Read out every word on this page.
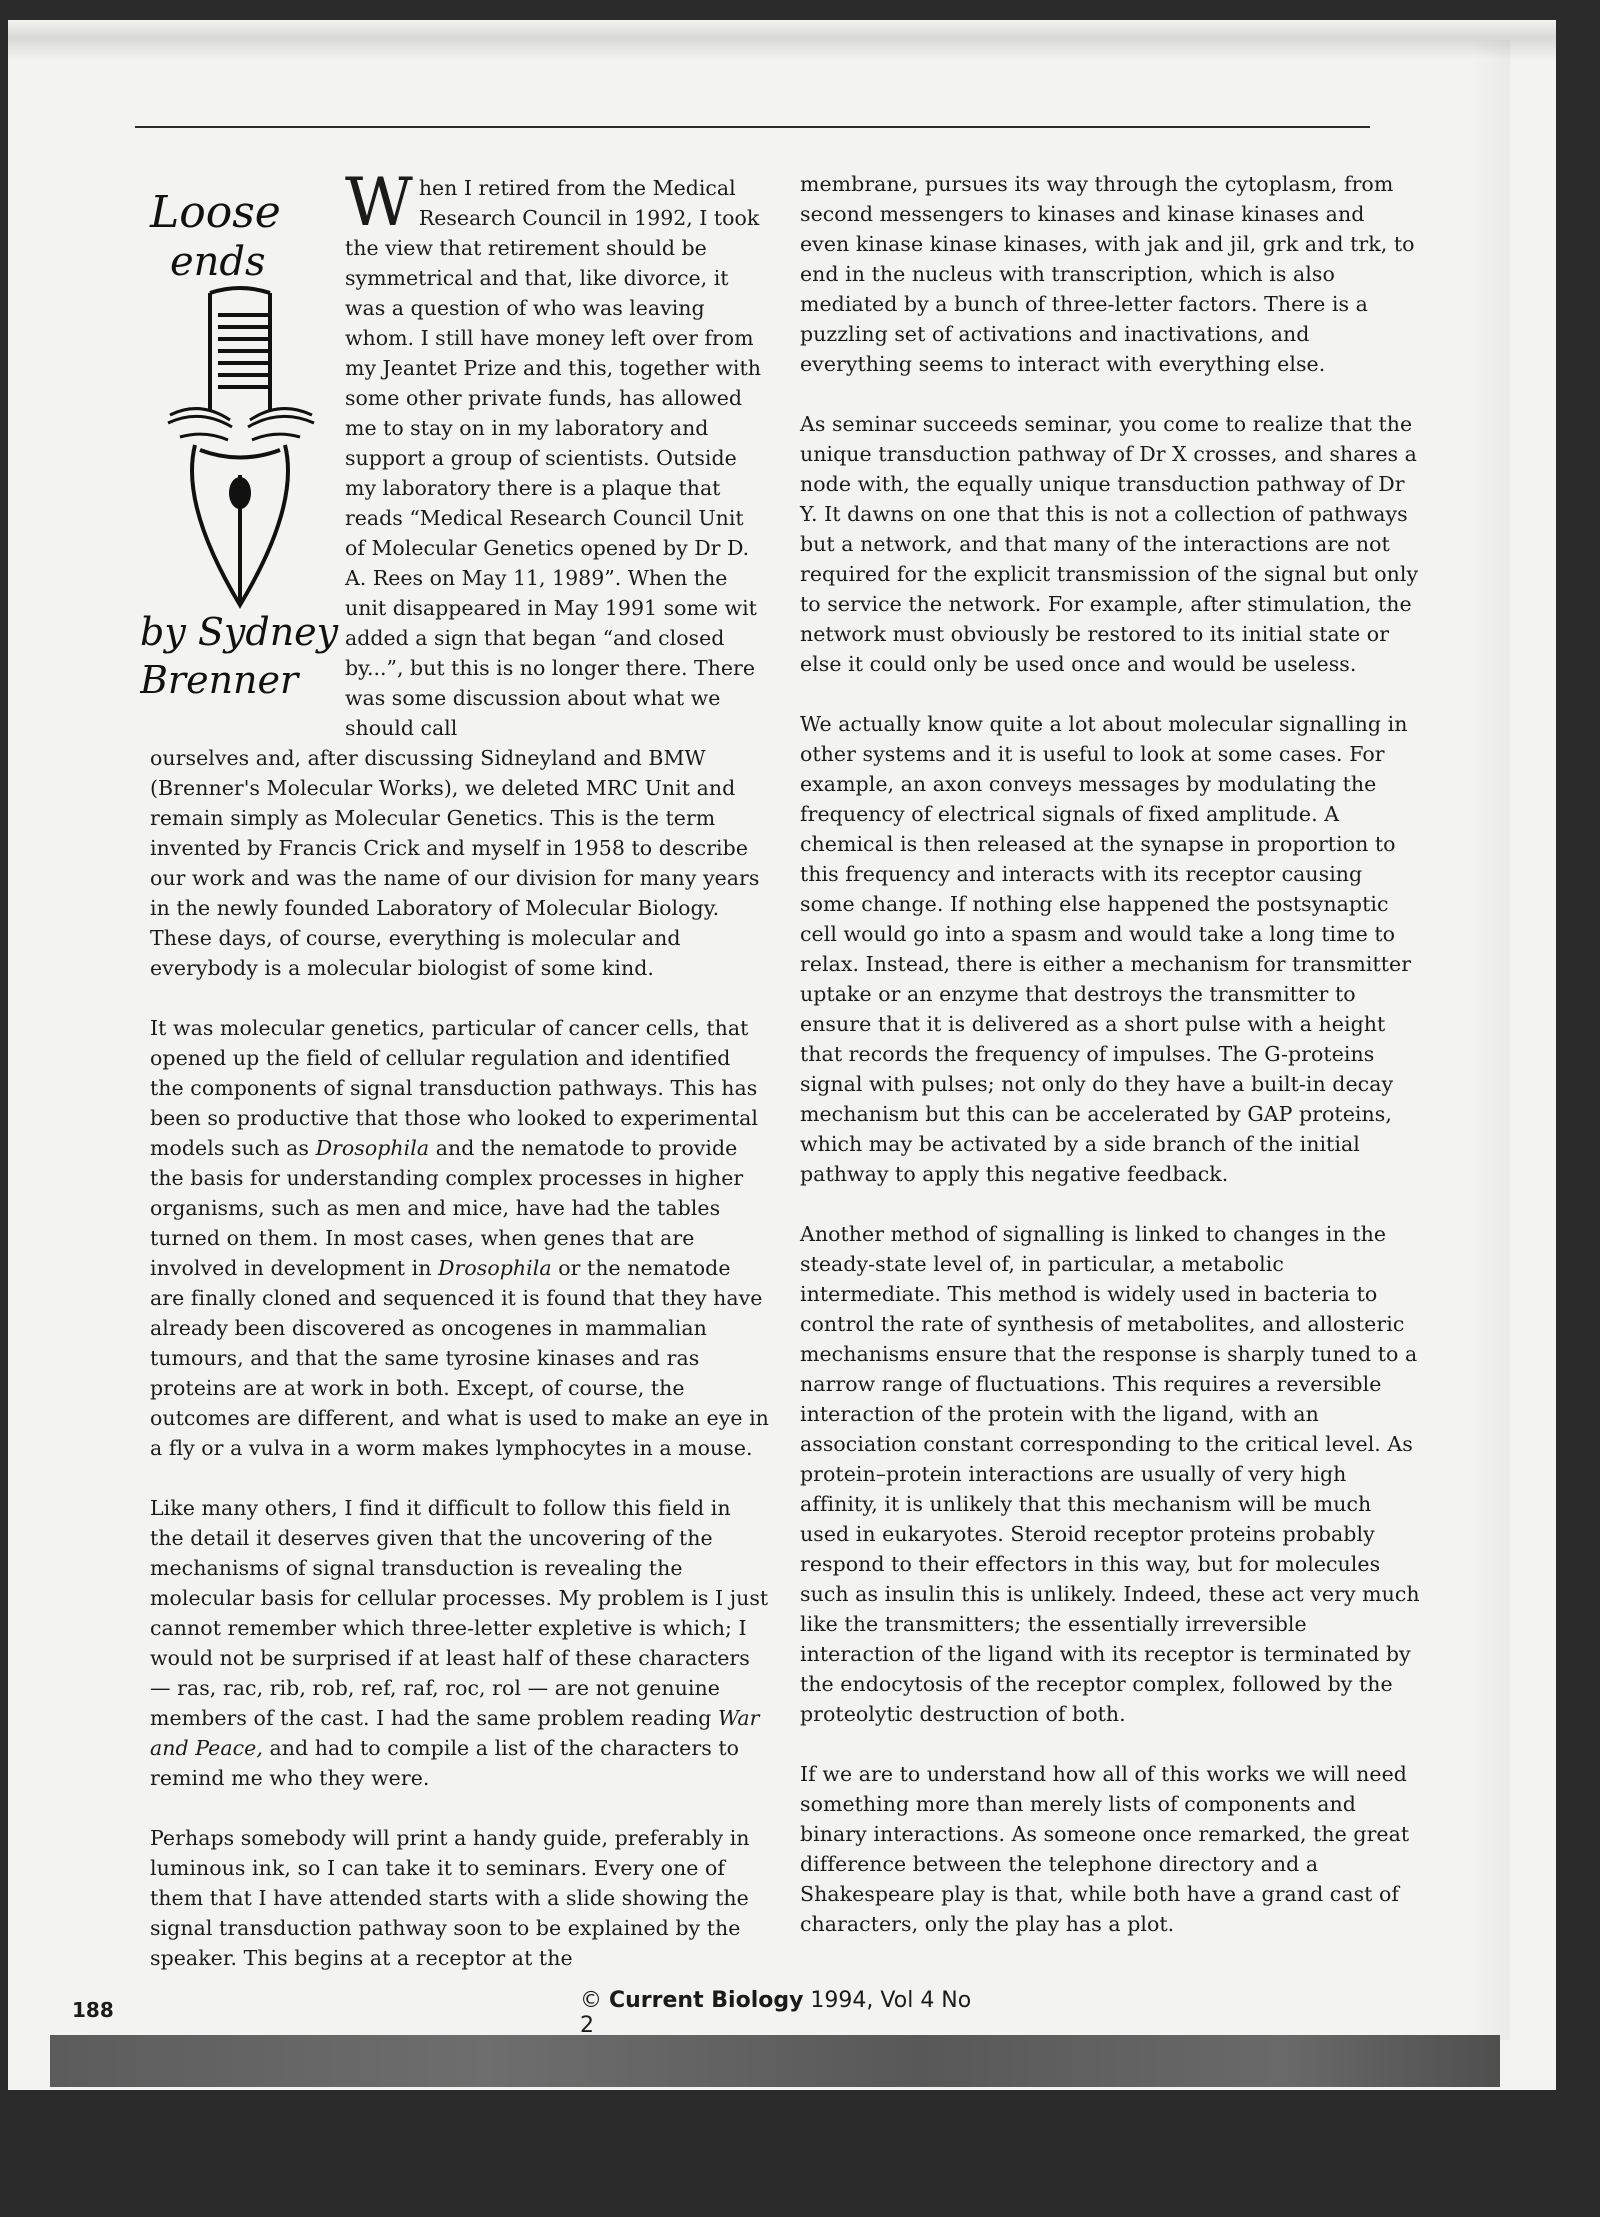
Loose
ends
by Sydney
Brenner
When I retired from the Medical Research Council in 1992, I took the view that retirement should be symmetrical and that, like divorce, it was a question of who was leaving whom. I still have money left over from my Jeantet Prize and this, together with some other private funds, has allowed me to stay on in my laboratory and support a group of scientists. Outside my laboratory there is a plaque that reads “Medical Research Council Unit of Molecular Genetics opened by Dr D. A. Rees on May 11, 1989”. When the unit disappeared in May 1991 some wit added a sign that began “and closed by...”, but this is no longer there. There was some discussion about what we should call

ourselves and, after discussing Sidneyland and BMW (Brenner's Molecular Works), we deleted MRC Unit and remain simply as Molecular Genetics. This is the term invented by Francis Crick and myself in 1958 to describe our work and was the name of our division for many years in the newly founded Laboratory of Molecular Biology. These days, of course, everything is molecular and everybody is a molecular biologist of some kind.

It was molecular genetics, particular of cancer cells, that opened up the field of cellular regulation and identified the components of signal transduction pathways. This has been so productive that those who looked to experimental models such as Drosophila and the nematode to provide the basis for understanding complex processes in higher organisms, such as men and mice, have had the tables turned on them. In most cases, when genes that are involved in development in Drosophila or the nematode are finally cloned and sequenced it is found that they have already been discovered as oncogenes in mammalian tumours, and that the same tyrosine kinases and ras proteins are at work in both. Except, of course, the outcomes are different, and what is used to make an eye in a fly or a vulva in a worm makes lymphocytes in a mouse.

Like many others, I find it difficult to follow this field in the detail it deserves given that the uncovering of the mechanisms of signal transduction is revealing the molecular basis for cellular processes. My problem is I just cannot remember which three-letter expletive is which; I would not be surprised if at least half of these characters — ras, rac, rib, rob, ref, raf, roc, rol — are not genuine members of the cast. I had the same problem reading War and Peace, and had to compile a list of the characters to remind me who they were.

Perhaps somebody will print a handy guide, preferably in luminous ink, so I can take it to seminars. Every one of them that I have attended starts with a slide showing the signal transduction pathway soon to be explained by the speaker. This begins at a receptor at the

membrane, pursues its way through the cytoplasm, from second messengers to kinases and kinase kinases and even kinase kinase kinases, with jak and jil, grk and trk, to end in the nucleus with transcription, which is also mediated by a bunch of three-letter factors. There is a puzzling set of activations and inactivations, and everything seems to interact with everything else.

As seminar succeeds seminar, you come to realize that the unique transduction pathway of Dr X crosses, and shares a node with, the equally unique transduction pathway of Dr Y. It dawns on one that this is not a collection of pathways but a network, and that many of the interactions are not required for the explicit transmission of the signal but only to service the network. For example, after stimulation, the network must obviously be restored to its initial state or else it could only be used once and would be useless.

We actually know quite a lot about molecular signalling in other systems and it is useful to look at some cases. For example, an axon conveys messages by modulating the frequency of electrical signals of fixed amplitude. A chemical is then released at the synapse in proportion to this frequency and interacts with its receptor causing some change. If nothing else happened the postsynaptic cell would go into a spasm and would take a long time to relax. Instead, there is either a mechanism for transmitter uptake or an enzyme that destroys the transmitter to ensure that it is delivered as a short pulse with a height that records the frequency of impulses. The G-proteins signal with pulses; not only do they have a built-in decay mechanism but this can be accelerated by GAP proteins, which may be activated by a side branch of the initial pathway to apply this negative feedback.

Another method of signalling is linked to changes in the steady-state level of, in particular, a metabolic intermediate. This method is widely used in bacteria to control the rate of synthesis of metabolites, and allosteric mechanisms ensure that the response is sharply tuned to a narrow range of fluctuations. This requires a reversible interaction of the protein with the ligand, with an association constant corresponding to the critical level. As protein–protein interactions are usually of very high affinity, it is unlikely that this mechanism will be much used in eukaryotes. Steroid receptor proteins probably respond to their effectors in this way, but for molecules such as insulin this is unlikely. Indeed, these act very much like the transmitters; the essentially irreversible interaction of the ligand with its receptor is terminated by the endocytosis of the receptor complex, followed by the proteolytic destruction of both.

If we are to understand how all of this works we will need something more than merely lists of components and binary interactions. As someone once remarked, the great difference between the telephone directory and a Shakespeare play is that, while both have a grand cast of characters, only the play has a plot.

188	© Current Biology 1994, Vol 4 No 2
